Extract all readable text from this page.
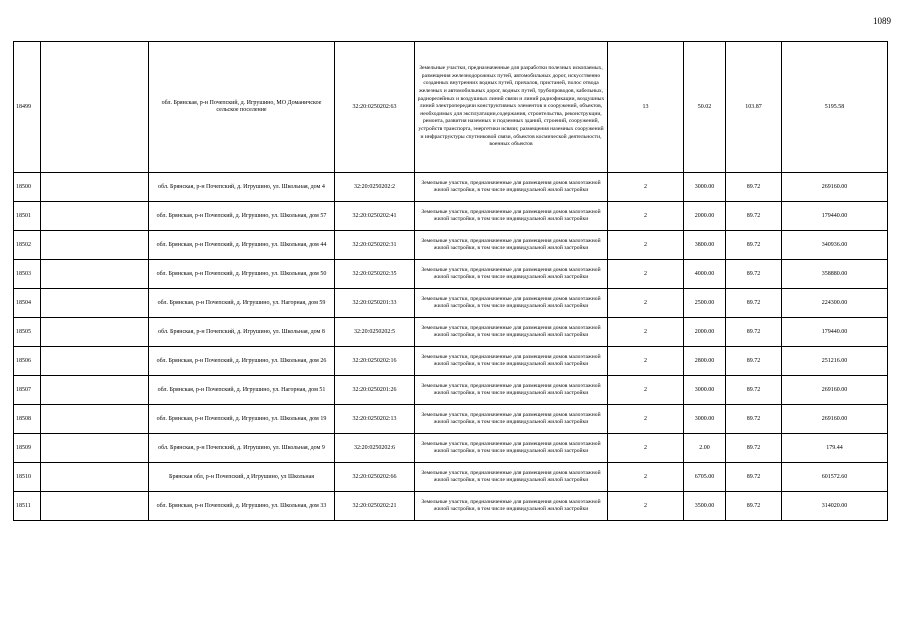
1089
18499		обл. Брянская, р-н Почепский, д. Игрушино, МО Доманичское сельское поселение	32:20:0250202:63	Земельные участки, предназначенные для разработки полезных ископаемых, размещения железнодорожных путей, автомобильных дорог, искусственно созданных внутренних водных путей, причалов, пристаней, полос отвода железных и автомобильных дорог, водных путей, трубопроводов, кабельных, радиорелейных и воздушных линий связи и линий радиофикации, воздушных линий электропередачи конструктивных элементов и сооружений, объектов, необходимых для эксплуатации,содержания, строительства, реконструкции, ремонта, развития наземных и подземных зданий, строений, сооружений, устройств транспорта, энергетики исвязи; размещения наземных сооружений и инфраструктуры спутниковой связи, объектов космической деятельности, военных объектов	13	50.02	103.87	5195.58
18500		обл. Брянская, р-н Почепский, д. Игрушино, ул. Школьная, дом 4	32:20:0250202:2	Земельные участки, предназначенные для размещения домов малоэтажной жилой застройки, в том числе индивидуальной жилой застройки	2	3000.00	89.72	269160.00
18501		обл. Брянская, р-н Почепский, д. Игрушино, ул. Школьная, дом 57	32:20:0250202:41	Земельные участки, предназначенные для размещения домов малоэтажной жилой застройки, в том числе индивидуальной жилой застройки	2	2000.00	89.72	179440.00
18502		обл. Брянская, р-н Почепский, д. Игрушино, ул. Школьная, дом 44	32:20:0250202:31	Земельные участки, предназначенные для размещения домов малоэтажной жилой застройки, в том числе индивидуальной жилой застройки	2	3800.00	89.72	340936.00
18503		обл. Брянская, р-н Почепский, д. Игрушино, ул. Школьная, дом 50	32:20:0250202:35	Земельные участки, предназначенные для размещения домов малоэтажной жилой застройки, в том числе индивидуальной жилой застройки	2	4000.00	89.72	358880.00
18504		обл. Брянская, р-н Почепский, д. Игрушино, ул. Нагорная, дом 59	32:20:0250201:33	Земельные участки, предназначенные для размещения домов малоэтажной жилой застройки, в том числе индивидуальной жилой застройки	2	2500.00	89.72	224300.00
18505		обл. Брянская, р-н Почепский, д. Игрушино, ул. Школьная, дом 8	32:20:0250202:5	Земельные участки, предназначенные для размещения домов малоэтажной жилой застройки, в том числе индивидуальной жилой застройки	2	2000.00	89.72	179440.00
18506		обл. Брянская, р-н Почепский, д. Игрушино, ул. Школьная, дом 26	32:20:0250202:16	Земельные участки, предназначенные для размещения домов малоэтажной жилой застройки, в том числе индивидуальной жилой застройки	2	2800.00	89.72	251216.00
18507		обл. Брянская, р-н Почепский, д. Игрушино, ул. Нагорная, дом 51	32:20:0250201:26	Земельные участки, предназначенные для размещения домов малоэтажной жилой застройки, в том числе индивидуальной жилой застройки	2	3000.00	89.72	269160.00
18508		обл. Брянская, р-н Почепский, д. Игрушино, ул. Школьная, дом 19	32:20:0250202:13	Земельные участки, предназначенные для размещения домов малоэтажной жилой застройки, в том числе индивидуальной жилой застройки	2	3000.00	89.72	269160.00
18509		обл. Брянская, р-н Почепский, д. Игрушино, ул. Школьная, дом 9	32:20:0250202:6	Земельные участки, предназначенные для размещения домов малоэтажной жилой застройки, в том числе индивидуальной жилой застройки	2	2.00	89.72	179.44
18510		Брянская обл, р-н Почепский, д Игрушино, ул Школьная	32:20:0250202:66	Земельные участки, предназначенные для размещения домов малоэтажной жилой застройки, в том числе индивидуальной жилой застройки	2	6705.00	89.72	601572.60
18511		обл. Брянская, р-н Почепский, д. Игрушино, ул. Школьная, дом 33	32:20:0250202:21	Земельные участки, предназначенные для размещения домов малоэтажной жилой застройки, в том числе индивидуальной жилой застройки	2	3500.00	89.72	314020.00
